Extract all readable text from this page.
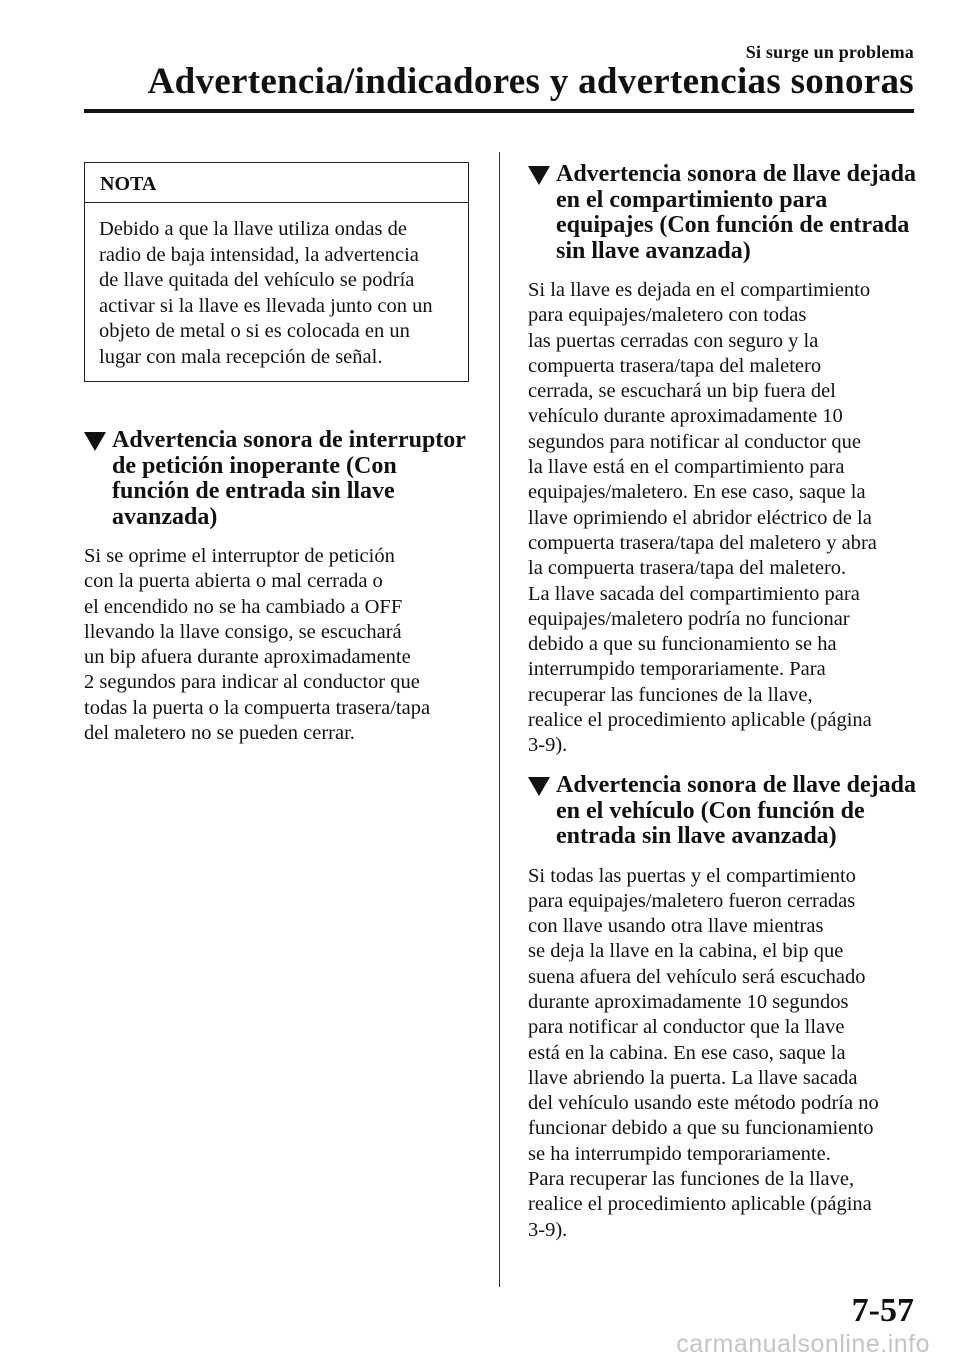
Si surge un problema
Advertencia/indicadores y advertencias sonoras
NOTA
Debido a que la llave utiliza ondas de
radio de baja intensidad, la advertencia
de llave quitada del vehículo se podría
activar si la llave es llevada junto con un
objeto de metal o si es colocada en un
lugar con mala recepción de señal.
Advertencia sonora de interruptor
de petición inoperante (Con
función de entrada sin llave
avanzada)
Si se oprime el interruptor de petición
con la puerta abierta o mal cerrada o
el encendido no se ha cambiado a OFF
llevando la llave consigo, se escuchará
un bip afuera durante aproximadamente
2 segundos para indicar al conductor que
todas la puerta o la compuerta trasera/tapa
del maletero no se pueden cerrar.
Advertencia sonora de llave dejada
en el compartimiento para
equipajes (Con función de entrada
sin llave avanzada)
Si la llave es dejada en el compartimiento
para equipajes/maletero con todas
las puertas cerradas con seguro y la
compuerta trasera/tapa del maletero
cerrada, se escuchará un bip fuera del
vehículo durante aproximadamente 10
segundos para notificar al conductor que
la llave está en el compartimiento para
equipajes/maletero. En ese caso, saque la
llave oprimiendo el abridor eléctrico de la
compuerta trasera/tapa del maletero y abra
la compuerta trasera/tapa del maletero.
La llave sacada del compartimiento para
equipajes/maletero podría no funcionar
debido a que su funcionamiento se ha
interrumpido temporariamente. Para
recuperar las funciones de la llave,
realice el procedimiento aplicable (página
3-9).
Advertencia sonora de llave dejada
en el vehículo (Con función de
entrada sin llave avanzada)
Si todas las puertas y el compartimiento
para equipajes/maletero fueron cerradas
con llave usando otra llave mientras
se deja la llave en la cabina, el bip que
suena afuera del vehículo será escuchado
durante aproximadamente 10 segundos
para notificar al conductor que la llave
está en la cabina. En ese caso, saque la
llave abriendo la puerta. La llave sacada
del vehículo usando este método podría no
funcionar debido a que su funcionamiento
se ha interrumpido temporariamente.
Para recuperar las funciones de la llave,
realice el procedimiento aplicable (página
3-9).
7-57
carmanualsonline.info
